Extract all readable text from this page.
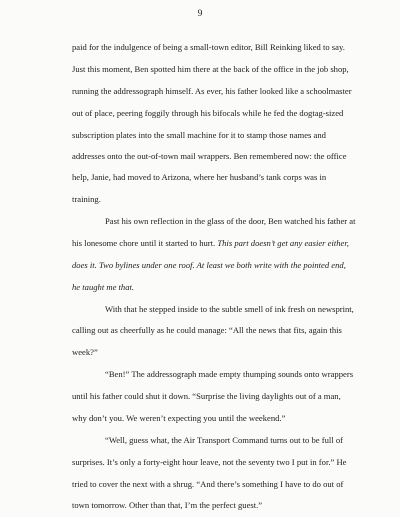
9
paid for the indulgence of being a small-town editor, Bill Reinking liked to say.
Just this moment, Ben spotted him there at the back of the office in the job shop,
running the addressograph himself. As ever, his father looked like a schoolmaster
out of place, peering foggily through his bifocals while he fed the dogtag-sized
subscription plates into the small machine for it to stamp those names and
addresses onto the out-of-town mail wrappers. Ben remembered now: the office
help, Janie, had moved to Arizona, where her husband’s tank corps was in
training.
Past his own reflection in the glass of the door, Ben watched his father at
his lonesome chore until it started to hurt. This part doesn’t get any easier either,
does it. Two bylines under one roof. At least we both write with the pointed end,
he taught me that.
With that he stepped inside to the subtle smell of ink fresh on newsprint,
calling out as cheerfully as he could manage: “All the news that fits, again this
week?”
“Ben!” The addressograph made empty thumping sounds onto wrappers
until his father could shut it down. “Surprise the living daylights out of a man,
why don’t you. We weren’t expecting you until the weekend.”
“Well, guess what, the Air Transport Command turns out to be full of
surprises. It’s only a forty-eight hour leave, not the seventy two I put in for.” He
tried to cover the next with a shrug. “And there’s something I have to do out of
town tomorrow. Other than that, I’m the perfect guest.”
